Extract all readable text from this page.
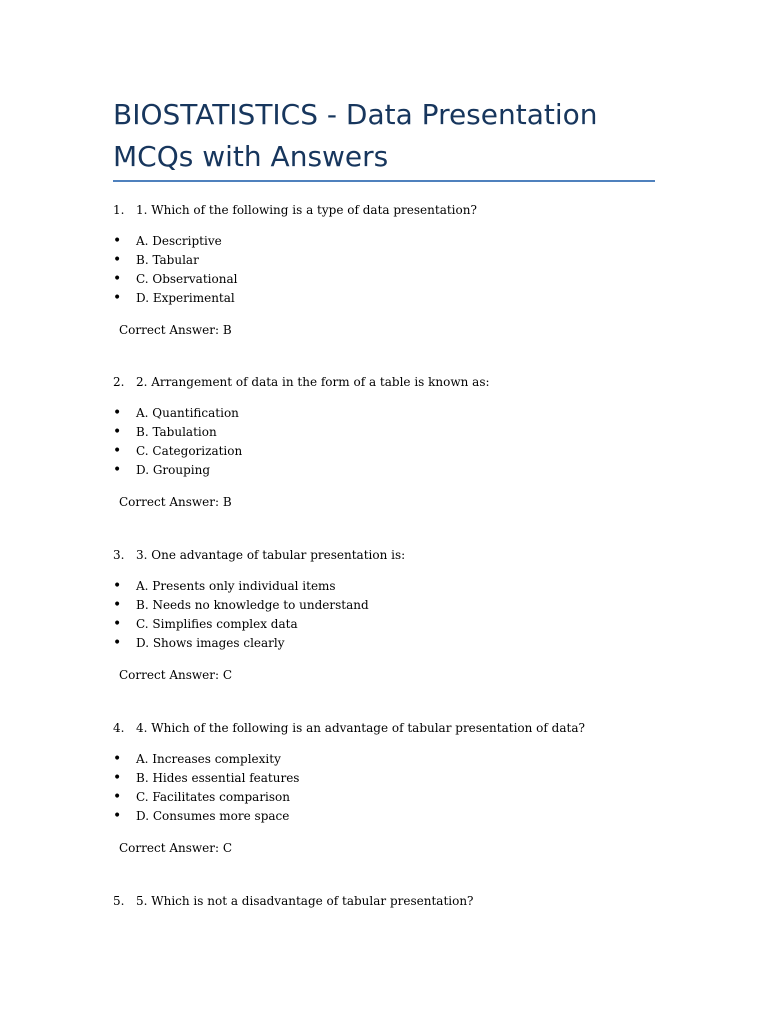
BIOSTATISTICS - Data Presentation MCQs with Answers
1. 1. Which of the following is a type of data presentation?
• A. Descriptive
• B. Tabular
• C. Observational
• D. Experimental
Correct Answer: B
2. 2. Arrangement of data in the form of a table is known as:
• A. Quantification
• B. Tabulation
• C. Categorization
• D. Grouping
Correct Answer: B
3. 3. One advantage of tabular presentation is:
• A. Presents only individual items
• B. Needs no knowledge to understand
• C. Simplifies complex data
• D. Shows images clearly
Correct Answer: C
4. 4. Which of the following is an advantage of tabular presentation of data?
• A. Increases complexity
• B. Hides essential features
• C. Facilitates comparison
• D. Consumes more space
Correct Answer: C
5. 5. Which is not a disadvantage of tabular presentation?
